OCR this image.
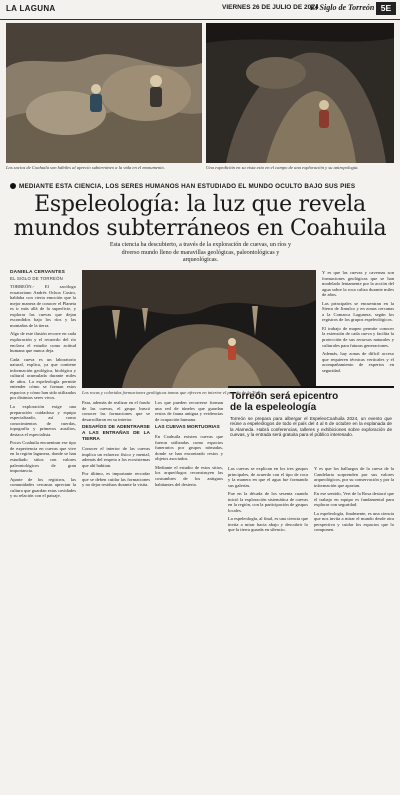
LA LAGUNA	VIERNES 26 DE JULIO DE 2024
El Siglo de Torreón 5E
Los socios de Coahuila son hábiles al aprecio subterráneo a la vida en el monumento.	Una expedición en su vista esto en el campo de una exploración y su antropología.
MEDIANTE ESTA CIENCIA, LOS SERES HUMANOS HAN ESTUDIADO EL MUNDO OCULTO BAJO SUS PIES
Espeleología: la luz que revela
mundos subterráneos en Coahuila
Esta ciencia ha descubierto, a través de la exploración de cuevas, un ríos y diverso mundo lleno de maravillas geológicas, paleontológicas y arqueológicas.
DANIELA CERVANTES
EL SIGLO DE TORREÓN

TORREÓN.- El sacólogo ecuatoriano Andrés Ochoa Castro, hablaba con cierta emoción que la mejor manera de conocer el Planeta es ir más allá de la superficie, y explorar las cuevas que dejan escondidos bajo los ríos y las montañas de la tierra.

Algo de este ilusión recorre en cada exploración y el recuerdo del río enclava el estudio como actitud humana que nunca deja.

Cada cueva es un laboratorio natural, explica, ya que contiene información geológica, biológica y cultural acumulada durante miles de años. La espeleología permite entender cómo se forman estos espacios y cómo han sido utilizados por distintos seres vivos.

La exploración exige una preparación cuidadosa y equipo especializado, así como conocimientos de cuerdas, topografía y primeros auxilios, destaca el especialista.

Pocos Coahuila encuentran ese tipo de experiencia en cuevas que vive en la región lagunera, donde se han estudiado sitios con valores paleontológicos de gran importancia.

Aparte de los registros, las comunidades cercanas aprecian la cultura que guardan estas cavidades y su relación con el paisaje.

Los rocas y coloridas formaciones geológicas tomas que ofrecen en interior el pasado de la Tierra.

Y es que las cuevas y cavernas son formaciones geológicas que se han modelado lentamente por la acción del agua sobre la roca caliza durante miles de años.

Las principales se encuentran en la Sierra de Jimulco y en zonas cercanas a la Comarca Lagunera, según los registros de los grupos espeleológicos.

El trabajo de mapeo permite conocer la extensión de cada cueva y facilita la protección de sus recursos naturales y culturales para futuras generaciones.

Además, hay zonas de difícil acceso que requieren técnicas verticales y el acompañamiento de expertos en seguridad.

Para, además de realizar en el fondo de las cuevas, el grupo buscó conocer las formaciones que se desarrollaron en su interior.

DESAFÍOS DE ADENTRARSE A LAS ENTRAÑAS DE LA TIERRA

Conocer el interior de las cuevas implica un esfuerzo físico y mental, además del respeto a los ecosistemas que ahí habitan.

Por último, es importante recordar que se deben cuidar las formaciones y no dejar residuos durante la visita.

Los que pueden recorrerse forman una red de túneles que guardan restos de fauna antigua y evidencias de ocupación humana.

LAS CUEVAS MORTUORIAS

En Coahuila existen cuevas que fueron utilizadas como espacios funerarios por grupos nómadas, donde se han encontrado restos y objetos asociados.

Mediante el estudio de estos sitios, los arqueólogos reconstruyen las costumbres de los antiguos habitantes del desierto.

Torreón será epicentro
de la espeleología
Torreón se prepara para albergar el EspeleoCoahuila 2024, un evento que reúne a espeleólogos de todo el país del 4 al 6 de octubre en la explanada de la Alameda. Habrá conferencias, talleres y exhibiciones sobre exploración de cuevas, y la entrada será gratuita para el público interesado.

Las cuevas se explican en los tres grupos principales, de acuerdo con el tipo de roca y la manera en que el agua fue formando sus galerías.

Fue en la década de los sesenta cuando inició la exploración sistemática de cuevas en la región, con la participación de grupos locales.

La espeleología, al final, es una ciencia que invita a mirar hacia abajo y descubrir lo que la tierra guarda en silencio.

Y es que los hallazgos de la cueva de la Candelaria sorprenden por sus valores arqueológicos, por su conservación y por la información que aportan.

En ese sentido, Vert de la Rosa destacó que el trabajo en equipo es fundamental para explorar con seguridad.

La espeleología, finalmente, es una ciencia que nos invita a mirar el mundo desde otra perspectiva y cuidar los espacios que lo componen.
